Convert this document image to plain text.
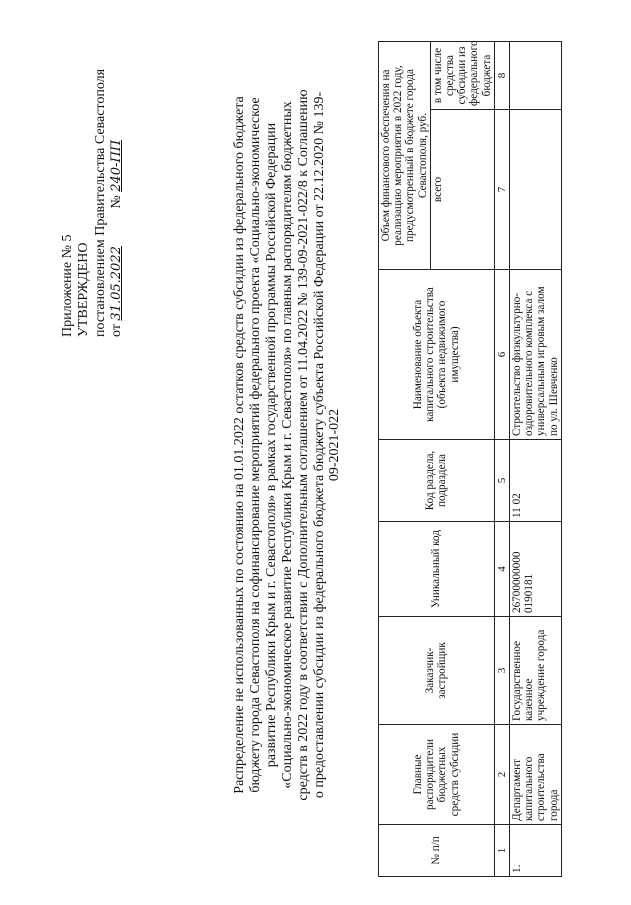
Приложение № 5 УТВЕРЖДЕНО постановлением Правительства Севастополя от 31.05.2022 № 240-ПП	Распределение не использованных по состоянию на 01.01.2022 остатков средств субсидии из федерального бюджета бюджету города Севастополя на софинансирование мероприятий федерального проекта «Социально-экономическое развитие Республики Крым и г. Севастополя» в рамках государственной программы Российской Федерации «Социально-экономическое развитие Республики Крым и г. Севастополя» по главным распорядителям бюджетных средств в 2022 году в соответствии с Дополнительным соглашением от 11.04.2022 № 139-09-2021-022/8 к Соглашению о предоставлении субсидии из федерального бюджета бюджету субъекта Российской Федерации от 22.12.2020 № 139-09-2021-022
№ п/п	Главные распорядители бюджетных средств субсидии	Заказчик-застройщик	Уникальный код	Код раздела, подраздела	Наименование объекта капитального строительства (объекта недвижимого имущества)	Объем финансового обеспечения на реализацию мероприятия в 2022 году, предусмотренный в бюджете города Севастополя, руб.	
						всего	в том числе средства субсидии из федерального бюджета
1	2	3	4	5	6	7	8
1.	Департамент капитального строительства города	Государственное казенное учреждение города	26700000000 0190181	11 02	Строительство физкультурно-оздоровительного комплекса с универсальным игровым залом по ул. Шевченко		
